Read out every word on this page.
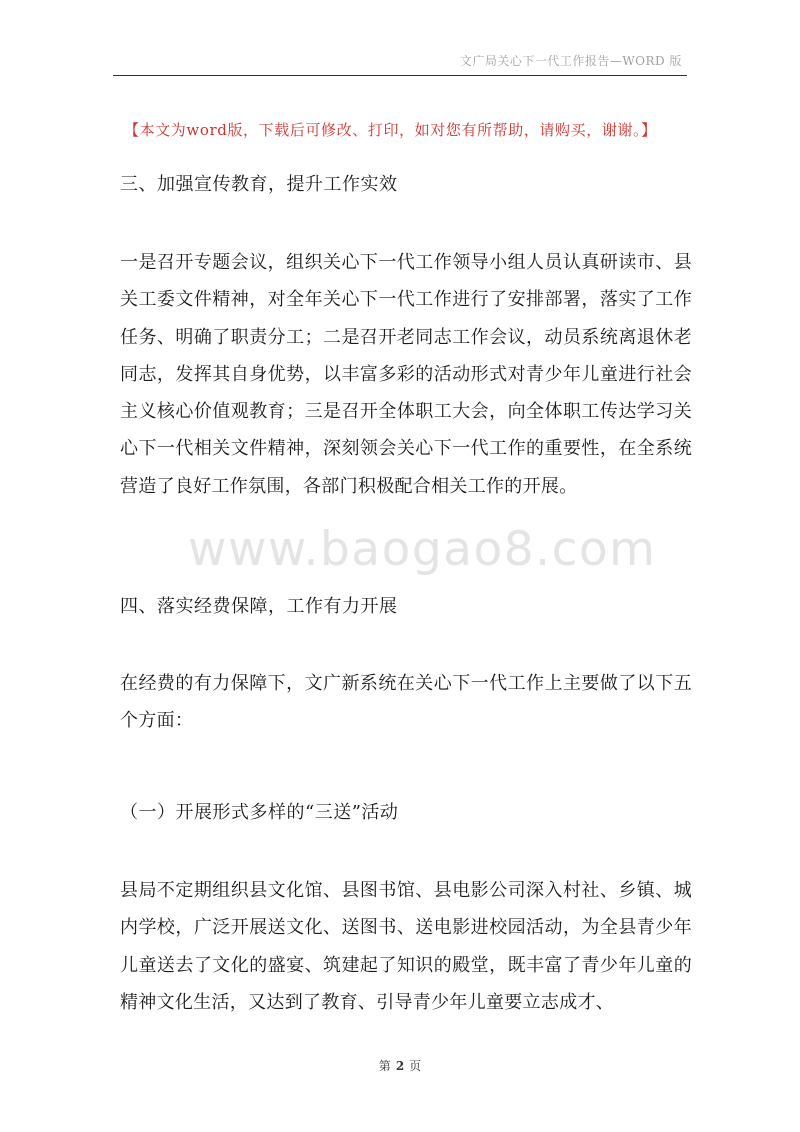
文广局关心下一代工作报告—WORD 版
【本文为word版，下载后可修改、打印，如对您有所帮助，请购买，谢谢。】
三、加强宣传教育，提升工作实效
一是召开专题会议，组织关心下一代工作领导小组人员认真研读市、县关工委文件精神，对全年关心下一代工作进行了安排部署，落实了工作任务、明确了职责分工；二是召开老同志工作会议，动员系统离退休老同志，发挥其自身优势，以丰富多彩的活动形式对青少年儿童进行社会主义核心价值观教育；三是召开全体职工大会，向全体职工传达学习关心下一代相关文件精神，深刻领会关心下一代工作的重要性，在全系统营造了良好工作氛围，各部门积极配合相关工作的开展。
www.baogao8.com
四、落实经费保障，工作有力开展
在经费的有力保障下，文广新系统在关心下一代工作上主要做了以下五个方面：
（一）开展形式多样的“三送”活动
县局不定期组织县文化馆、县图书馆、县电影公司深入村社、乡镇、城内学校，广泛开展送文化、送图书、送电影进校园活动，为全县青少年儿童送去了文化的盛宴、筑建起了知识的殿堂，既丰富了青少年儿童的精神文化生活，又达到了教育、引导青少年儿童要立志成才、
第 2 页
